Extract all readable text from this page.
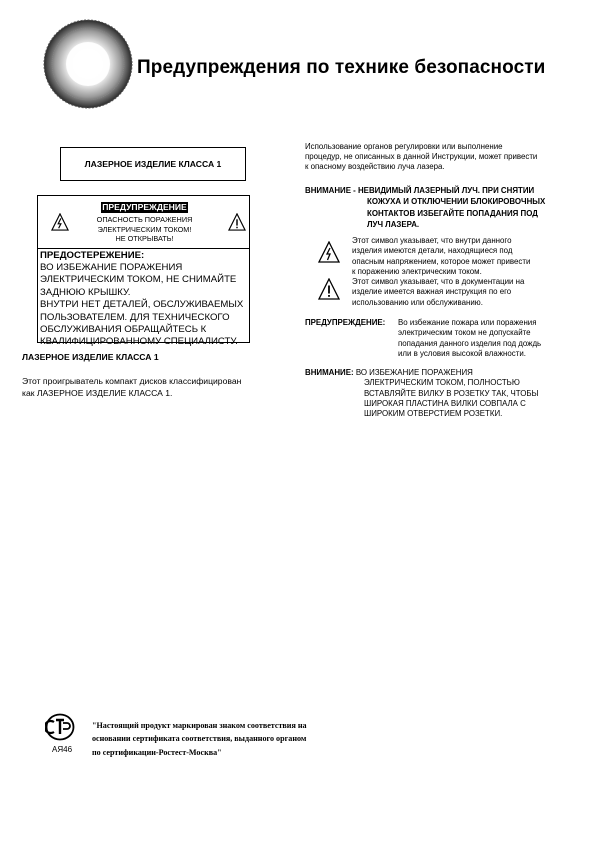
Предупреждения по технике безопасности
ЛАЗЕРНОЕ ИЗДЕЛИЕ КЛАССА 1
ПРЕДУПРЕЖДЕНИЕ
ОПАСНОСТЬ ПОРАЖЕНИЯ
ЭЛЕКТРИЧЕСКИМ ТОКОМ!
НЕ ОТКРЫВАТЬ!
ПРЕДОСТЕРЕЖЕНИЕ:
ВО ИЗБЕЖАНИЕ ПОРАЖЕНИЯ
ЭЛЕКТРИЧЕСКИМ ТОКОМ, НЕ СНИМАЙТЕ
ЗАДНЮЮ КРЫШКУ.
ВНУТРИ НЕТ ДЕТАЛЕЙ, ОБСЛУЖИВАЕМЫХ
ПОЛЬЗОВАТЕЛЕМ. ДЛЯ ТЕХНИЧЕСКОГО
ОБСЛУЖИВАНИЯ ОБРАЩАЙТЕСЬ К
КВАЛИФИЦИРОВАННОМУ СПЕЦИАЛИСТУ.
ЛАЗЕРНОЕ ИЗДЕЛИЕ КЛАССА 1
Этот проигрыватель компакт дисков классифицирован
как ЛАЗЕРНОЕ ИЗДЕЛИЕ КЛАССА 1.
Использование органов регулировки или выполнение
процедур, не описанных в данной Инструкции, может привести
к опасному воздействию луча лазера.
ВНИМАНИЕ - НЕВИДИМЫЙ ЛАЗЕРНЫЙ ЛУЧ. ПРИ СНЯТИИ
КОЖУХА И ОТКЛЮЧЕНИИ БЛОКИРОВОЧНЫХ
КОНТАКТОВ ИЗБЕГАЙТЕ ПОПАДАНИЯ ПОД
ЛУЧ ЛАЗЕРА.
Этот символ указывает, что внутри данного
изделия имеются детали, находящиеся под
опасным напряжением, которое может привести
к поражению электрическим током.
Этот символ указывает, что в документации на
изделие имеется важная инструкция по его
использованию или обслуживанию.
ПРЕДУПРЕЖДЕНИЕ: Во избежание пожара или поражения
электрическим током не допускайте
попадания данного изделия под дождь
или в условия высокой влажности.
ВНИМАНИЕ: ВО ИЗБЕЖАНИЕ ПОРАЖЕНИЯ
ЭЛЕКТРИЧЕСКИМ ТОКОМ, ПОЛНОСТЬЮ
ВСТАВЛЯЙТЕ ВИЛКУ В РОЗЕТКУ ТАК, ЧТОБЫ
ШИРОКАЯ ПЛАСТИНА ВИЛКИ СОВПАЛА С
ШИРОКИМ ОТВЕРСТИЕМ РОЗЕТКИ.
АЯ46
"Настоящий продукт маркирован знаком соответствия на
основании сертификата соответствия, выданного органом
по сертификации-Ростест-Москва"
